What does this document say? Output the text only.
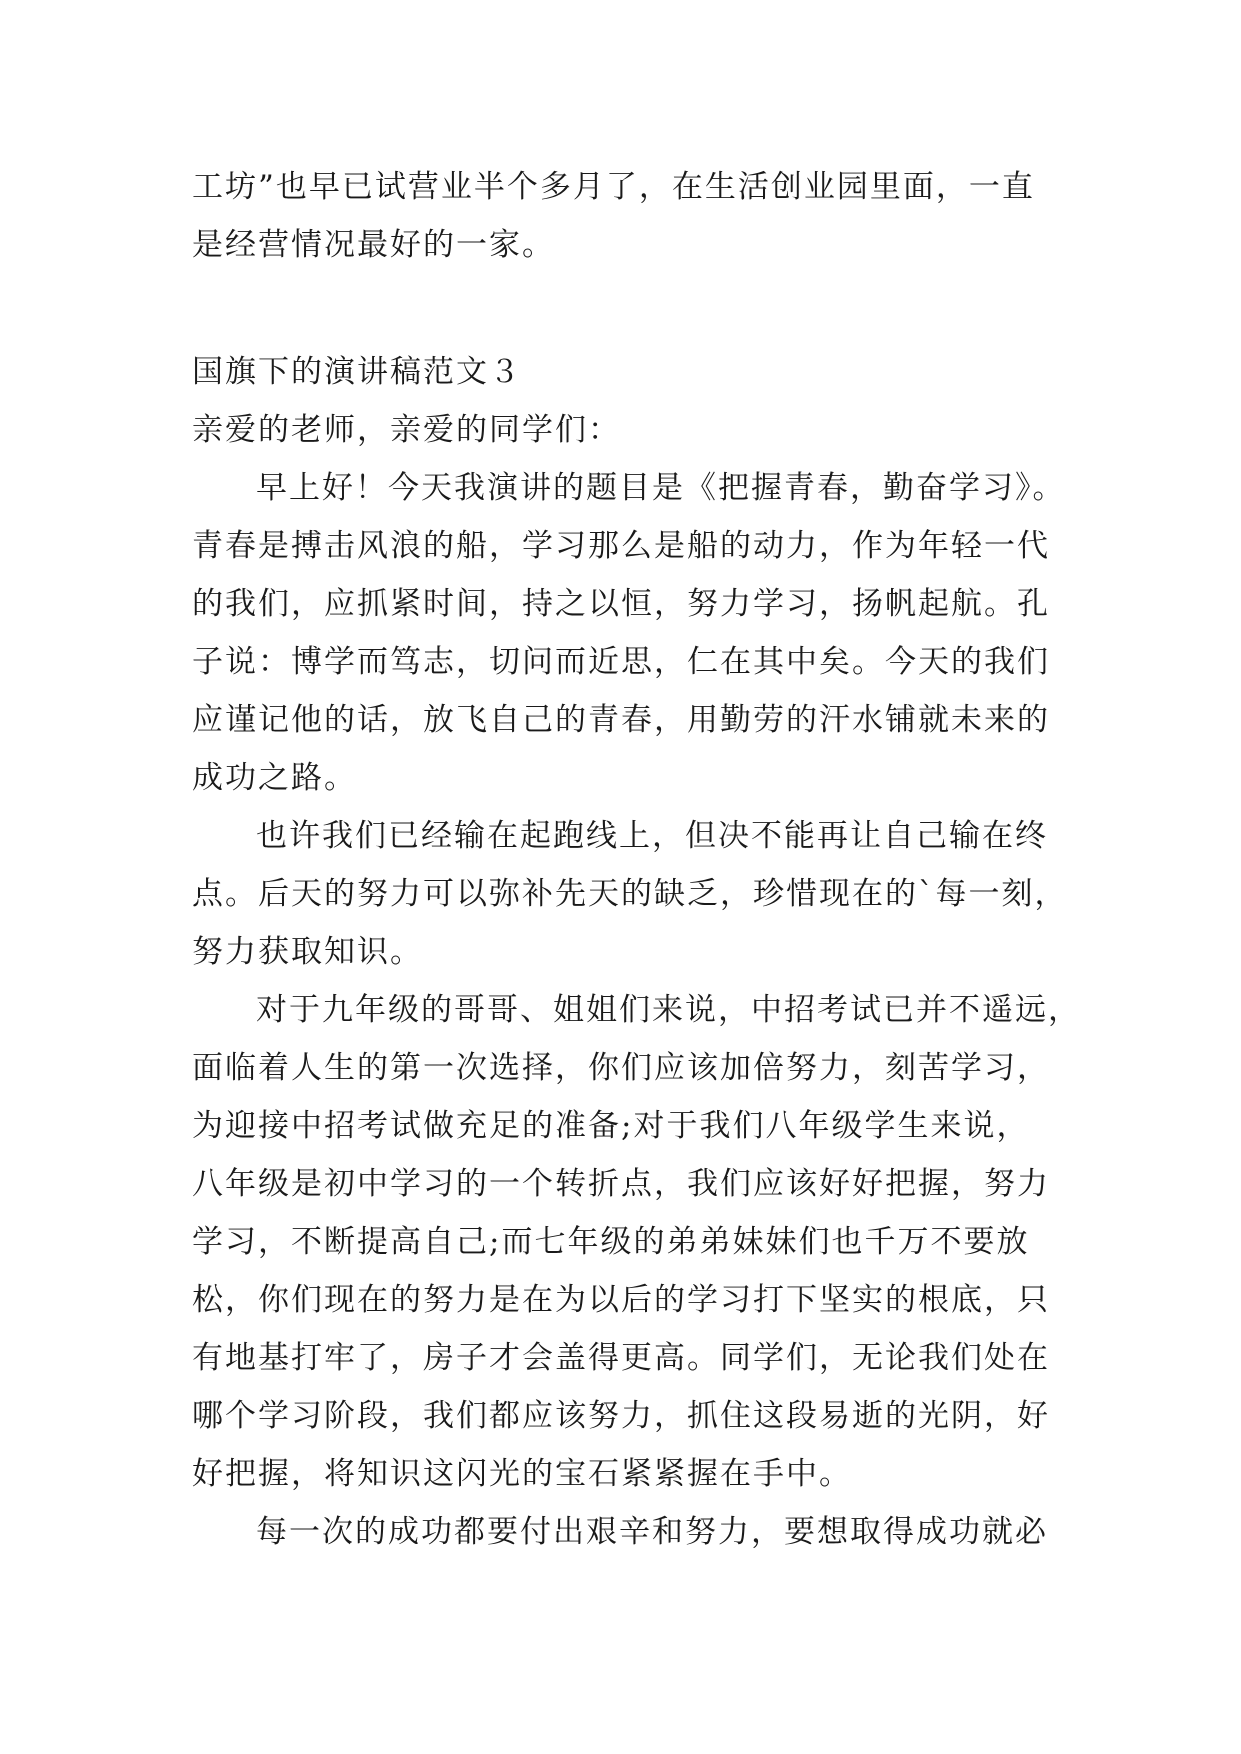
工坊”也早已试营业半个多月了，在生活创业园里面，一直
是经营情况最好的一家。
国旗下的演讲稿范文３
亲爱的老师，亲爱的同学们：
早上好！今天我演讲的题目是《把握青春，勤奋学习》。
青春是搏击风浪的船，学习那么是船的动力，作为年轻一代
的我们，应抓紧时间，持之以恒，努力学习，扬帆起航。孔
子说：博学而笃志，切问而近思，仁在其中矣。今天的我们
应谨记他的话，放飞自己的青春，用勤劳的汗水铺就未来的
成功之路。
也许我们已经输在起跑线上，但决不能再让自己输在终
点。后天的努力可以弥补先天的缺乏，珍惜现在的`每一刻，
努力获取知识。
对于九年级的哥哥、姐姐们来说，中招考试已并不遥远，
面临着人生的第一次选择，你们应该加倍努力，刻苦学习，
为迎接中招考试做充足的准备;对于我们八年级学生来说，
八年级是初中学习的一个转折点，我们应该好好把握，努力
学习，不断提高自己;而七年级的弟弟妹妹们也千万不要放
松，你们现在的努力是在为以后的学习打下坚实的根底，只
有地基打牢了，房子才会盖得更高。同学们，无论我们处在
哪个学习阶段，我们都应该努力，抓住这段易逝的光阴，好
好把握，将知识这闪光的宝石紧紧握在手中。
每一次的成功都要付出艰辛和努力，要想取得成功就必
